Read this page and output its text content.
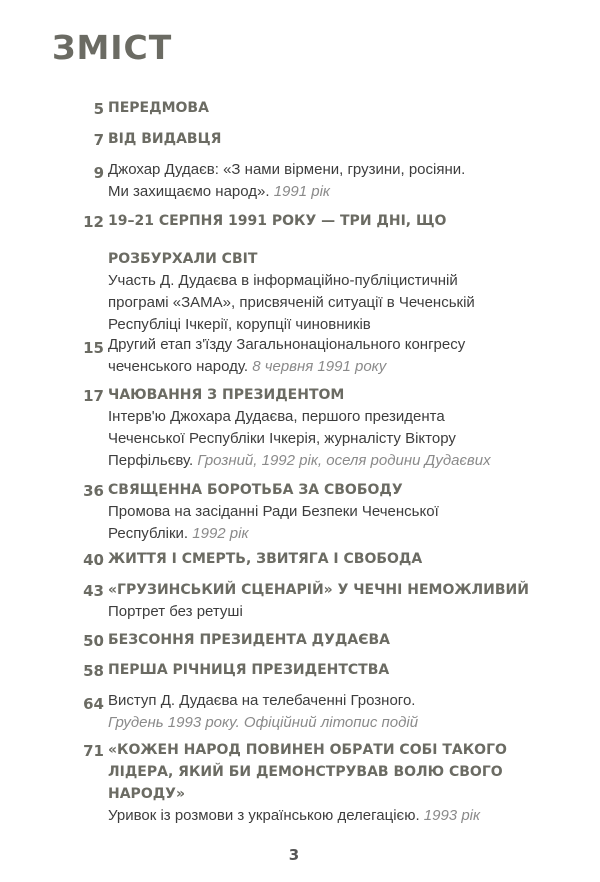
ЗМІСТ
5 ПЕРЕДМОВА
7 ВІД ВИДАВЦЯ
9 Джохар Дудаєв: «З нами вірмени, грузини, росіяни.
Ми захищаємо народ». 1991 рік
12 19–21 СЕРПНЯ 1991 РОКУ — ТРИ ДНІ, ЩО
РОЗБУРХАЛИ СВІТ
Участь Д. Дудаєва в інформаційно-публіцистичній
програмі «ЗАМА», присвяченій ситуації в Чеченській
Республіці Ічкерії, корупції чиновників
15 Другий етап з'їзду Загальнонаціонального конгресу
чеченського народу. 8 червня 1991 року
17 ЧАЮВАННЯ З ПРЕЗИДЕНТОМ
Інтерв'ю Джохара Дудаєва, першого президента
Чеченської Республіки Ічкерія, журналісту Віктору
Перфільєву. Грозний, 1992 рік, оселя родини Дудаєвих
36 СВЯЩЕННА БОРОТЬБА ЗА СВОБОДУ
Промова на засіданні Ради Безпеки Чеченської
Республіки. 1992 рік
40 ЖИТТЯ І СМЕРТЬ, ЗВИТЯГА І СВОБОДА
43 «ГРУЗИНСЬКИЙ СЦЕНАРІЙ» У ЧЕЧНІ НЕМОЖЛИВИЙ
Портрет без ретуші
50 БЕЗСОННЯ ПРЕЗИДЕНТА ДУДАЄВА
58 ПЕРША РІЧНИЦЯ ПРЕЗИДЕНТСТВА
64 Виступ Д. Дудаєва на телебаченні Грозного.
Грудень 1993 року. Офіційний літопис подій
71 «КОЖЕН НАРОД ПОВИНЕН ОБРАТИ СОБІ ТАКОГО
ЛІДЕРА, ЯКИЙ БИ ДЕМОНСТРУВАВ ВОЛЮ СВОГО
НАРОДУ»
Уривок із розмови з українською делегацією. 1993 рік
3
